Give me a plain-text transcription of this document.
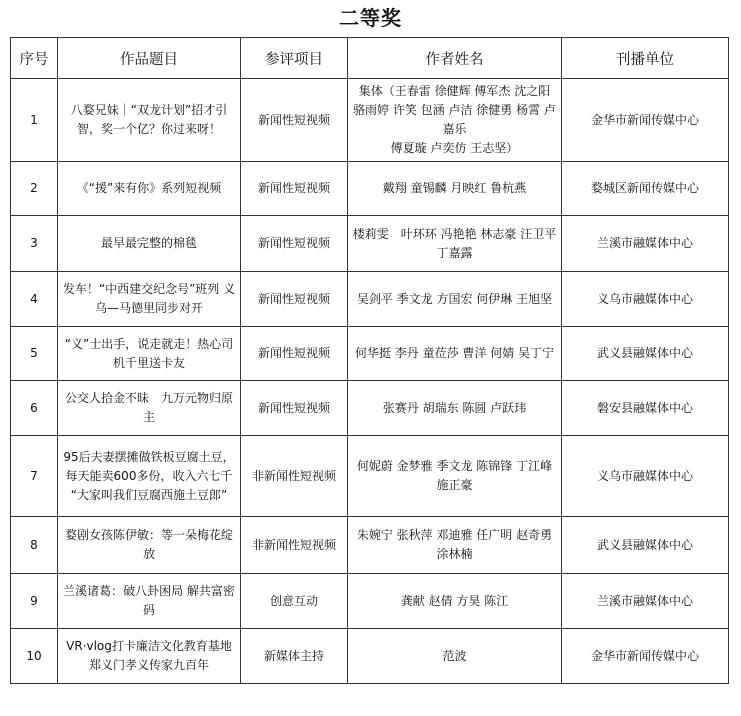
二等奖
序号	作品题目	参评项目	作者姓名	刊播单位
1	八婺兄妹｜“双龙计划”招才引智，奖一个亿？你过来呀！	新闻性短视频	集体（王春雷 徐健辉 傅军杰 沈之阳 骆雨婷 许笑 包涵 卢洁 徐健勇 杨霄 卢嘉乐
傅夏璇 卢奕仿 王志坚）	金华市新闻传媒中心
2	《“援”来有你》系列短视频	新闻性短视频	戴翔 童锡麟 月映红 鲁杭燕	婺城区新闻传媒中心
3	最早最完整的棉毯	新闻性短视频	楼莉雯　叶环环 冯艳艳 林志豪 汪卫平 丁嘉露	兰溪市融媒体中心
4	发车！“中西建交纪念号”班列 义乌—马德里同步对开	新闻性短视频	吴剑平 季文龙 方国宏 何伊琳 王旭坚	义乌市融媒体中心
5	“义”士出手，说走就走！热心司机千里送卡友	新闻性短视频	何华挺 李丹 童莅莎 曹洋 何婧 吴丁宁	武义县融媒体中心
6	公交人拾金不昧　九万元物归原主	新闻性短视频	张赛丹 胡瑞东 陈圆 卢跃玮	磐安县融媒体中心
7	95后夫妻摆摊做铁板豆腐土豆，每天能卖600多份，收入六七千 “大家叫我们豆腐西施土豆郎”	非新闻性短视频	何妮蔚 金梦雅 季文龙 陈锦锋 丁江峰 施正豪	义乌市融媒体中心
8	婺剧女孩陈伊敏：等一朵梅花绽放	非新闻性短视频	朱婉宁 张秋萍 邓迪雅 任广明 赵奇勇 涂林楠	武义县融媒体中心
9	兰溪诸葛：破八卦困局 解共富密码	创意互动	龚献 赵倩 方昊 陈江	兰溪市融媒体中心
10	VR·vlog打卡廉洁文化教育基地 郑义门孝义传家九百年	新媒体主持	范波	金华市新闻传媒中心
